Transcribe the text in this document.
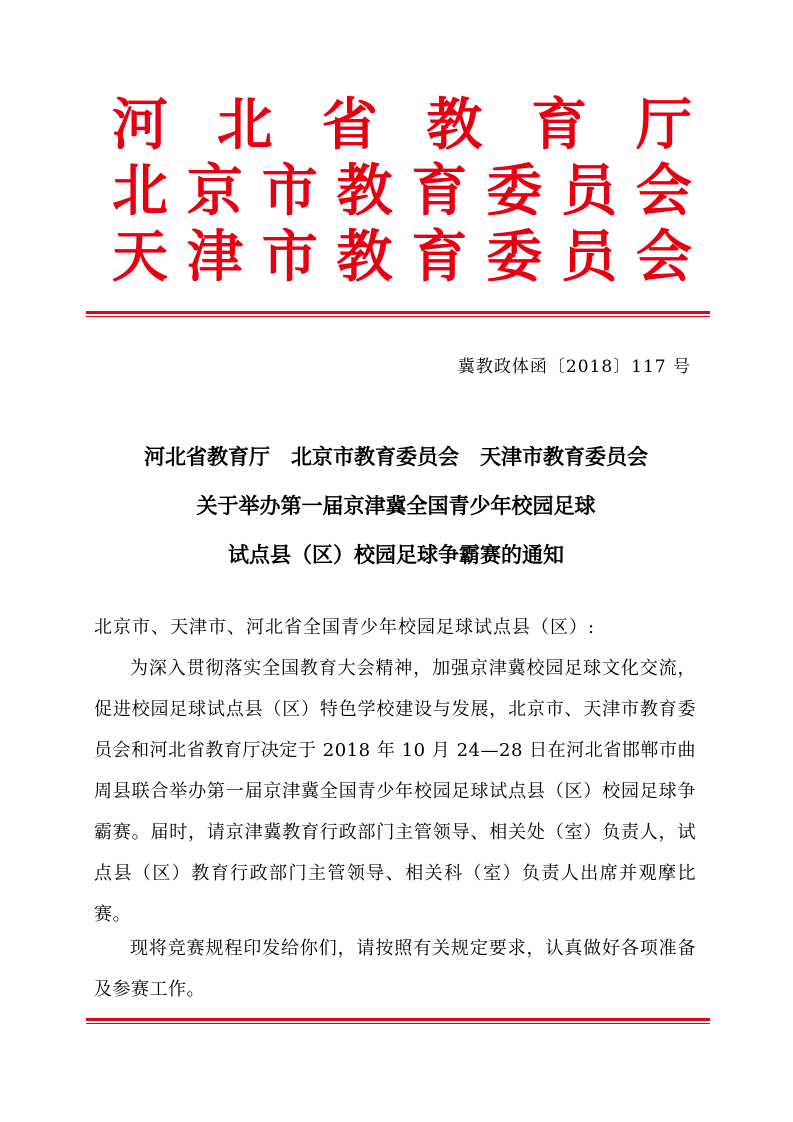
河 北 省 教 育 厅
北 京 市 教 育 委 员 会
天 津 市 教 育 委 员 会
冀教政体函〔2018〕117 号
河北省教育厅　北京市教育委员会　天津市教育委员会
关于举办第一届京津冀全国青少年校园足球
试点县（区）校园足球争霸赛的通知
北京市、天津市、河北省全国青少年校园足球试点县（区）:

为深入贯彻落实全国教育大会精神，加强京津冀校园足球文化交流，促进校园足球试点县（区）特色学校建设与发展，北京市、天津市教育委员会和河北省教育厅决定于 2018 年 10 月 24—28 日在河北省邯郸市曲周县联合举办第一届京津冀全国青少年校园足球试点县（区）校园足球争霸赛。届时，请京津冀教育行政部门主管领导、相关处（室）负责人，试点县（区）教育行政部门主管领导、相关科（室）负责人出席并观摩比赛。

现将竞赛规程印发给你们，请按照有关规定要求，认真做好各项准备及参赛工作。
